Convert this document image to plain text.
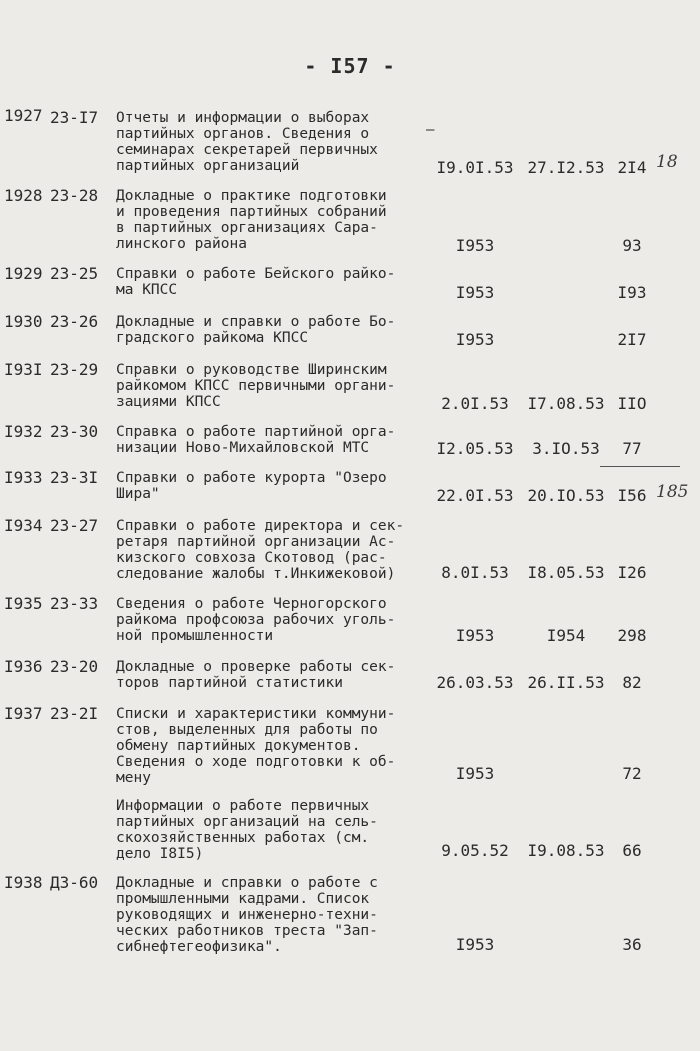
- I57 -
–
18
185
1927 23-I7 Отчеты и информации о выборах
партийных органов. Сведения о
семинарах секретарей первичных
партийных организаций	I9.0I.53 27.I2.53 2I4
1928 23-28 Докладные о практике подготовки
и проведения партийных собраний
в партийных организациях Сара-
линского района	I953	93
1929 23-25 Справки о работе Бейского райко-
ма КПСС	I953	I93
1930 23-26 Докладные и справки о работе Бо-
градского райкома КПСС	I953	2I7
I93I 23-29 Справки о руководстве Ширинским
райкомом КПСС первичными органи-
зациями КПСС	2.0I.53	I7.08.53 IIO
I932 23-30 Справка о работе партийной орга-
низации Ново-Михайловской МТС	I2.05.53	3.IO.53	77
I933 23-3I Справки о работе курорта "Озеро
Шира"	22.0I.53 20.IO.53 I56
I934 23-27 Справки о работе директора и сек-
ретаря партийной организации Ас-
кизского совхоза Скотовод (рас-
следование жалобы т.Инкижековой)	8.0I.53	I8.05.53 I26
I935 23-33 Сведения о работе Черногорского
райкома профсоюза рабочих уголь-
ной промышленности	I953	I954	298
I936 23-20 Докладные о проверке работы сек-
торов партийной статистики	26.03.53 26.II.53	82
I937 23-2I Списки и характеристики коммуни-
стов, выделенных для работы по
обмену партийных документов.
Сведения о ходе подготовки к об-
мену	I953	72
Информации о работе первичных
партийных организаций на сель-
скохозяйственных работах (см.
дело I8I5)	9.05.52	I9.08.53	66
I938 Д3-60 Докладные и справки о работе с
промышленными кадрами. Список
руководящих и инженерно-техни-
ческих работников треста "Зап-
сибнефтегеофизика".	I953	36
